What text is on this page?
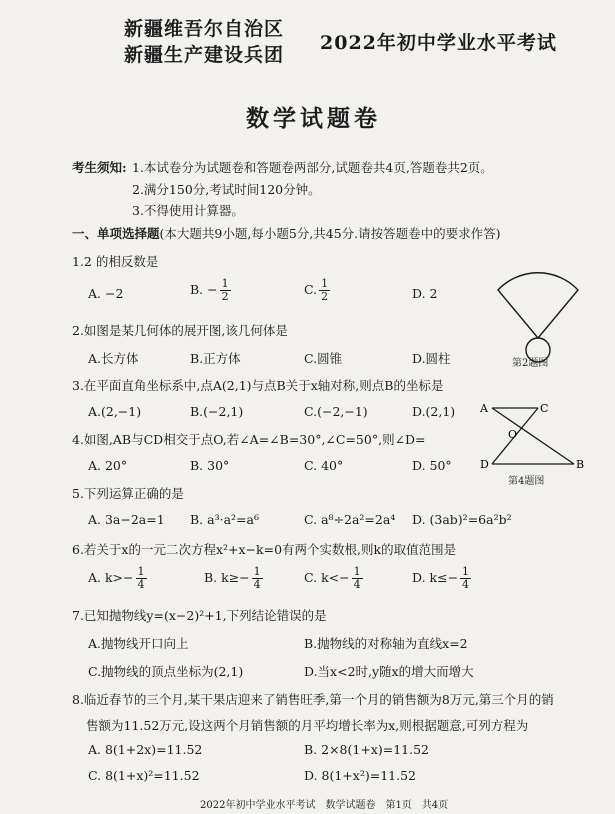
新疆维吾尔自治区
新疆生产建设兵团
2022年初中学业水平考试
数学试题卷
考生须知: 1.本试卷分为试题卷和答题卷两部分,试题卷共4页,答题卷共2页。
2.满分150分,考试时间120分钟。
3.不得使用计算器。
一、单项选择题(本大题共9小题,每小题5分,共45分.请按答题卷中的要求作答)
1.2 的相反数是
A. −2	B. − $\frac{1}{2}$	C. $\frac{1}{2}$	D. 2
第2题图
2.如图是某几何体的展开图,该几何体是
A.长方体	B.正方体	C.圆锥	D.圆柱
3.在平面直角坐标系中,点A(2,1)与点B关于x轴对称,则点B的坐标是
A.(2,−1)	B.(−2,1)	C.(−2,−1)	D.(2,1) A	C
O
D	B
第4题图
4.如图,AB与CD相交于点O,若∠A=∠B=30°,∠C=50°,则∠D=
A. 20°	B. 30°	C. 40°	D. 50°
5.下列运算正确的是
A. 3a−2a=1 B. a³·a²=a⁶	C. a⁸÷2a²=2a⁴ D. (3ab)²=6a²b²
6.若关于x的一元二次方程x²+x−k=0有两个实数根,则k的取值范围是
A. $k>- \frac{1}{4}$	B. $k\ge- \frac{1}{4}$	C. $k<- \frac{1}{4}$	D. $k\le- \frac{1}{4}$
7.已知抛物线y=(x−2)²+1,下列结论错误的是
A.抛物线开口向上	B.抛物线的对称轴为直线x=2
C.抛物线的顶点坐标为(2,1)	D.当x<2时,y随x的增大而增大
8.临近春节的三个月,某干果店迎来了销售旺季,第一个月的销售额为8万元,第三个月的销
售额为11.52万元,设这两个月销售额的月平均增长率为x,则根据题意,可列方程为
A. 8(1+2x)=11.52	B. 2×8(1+x)=11.52
C. 8(1+x)²=11.52	D. 8(1+x²)=11.52
2022年初中学业水平考试　数学试题卷　第1页　共4页
